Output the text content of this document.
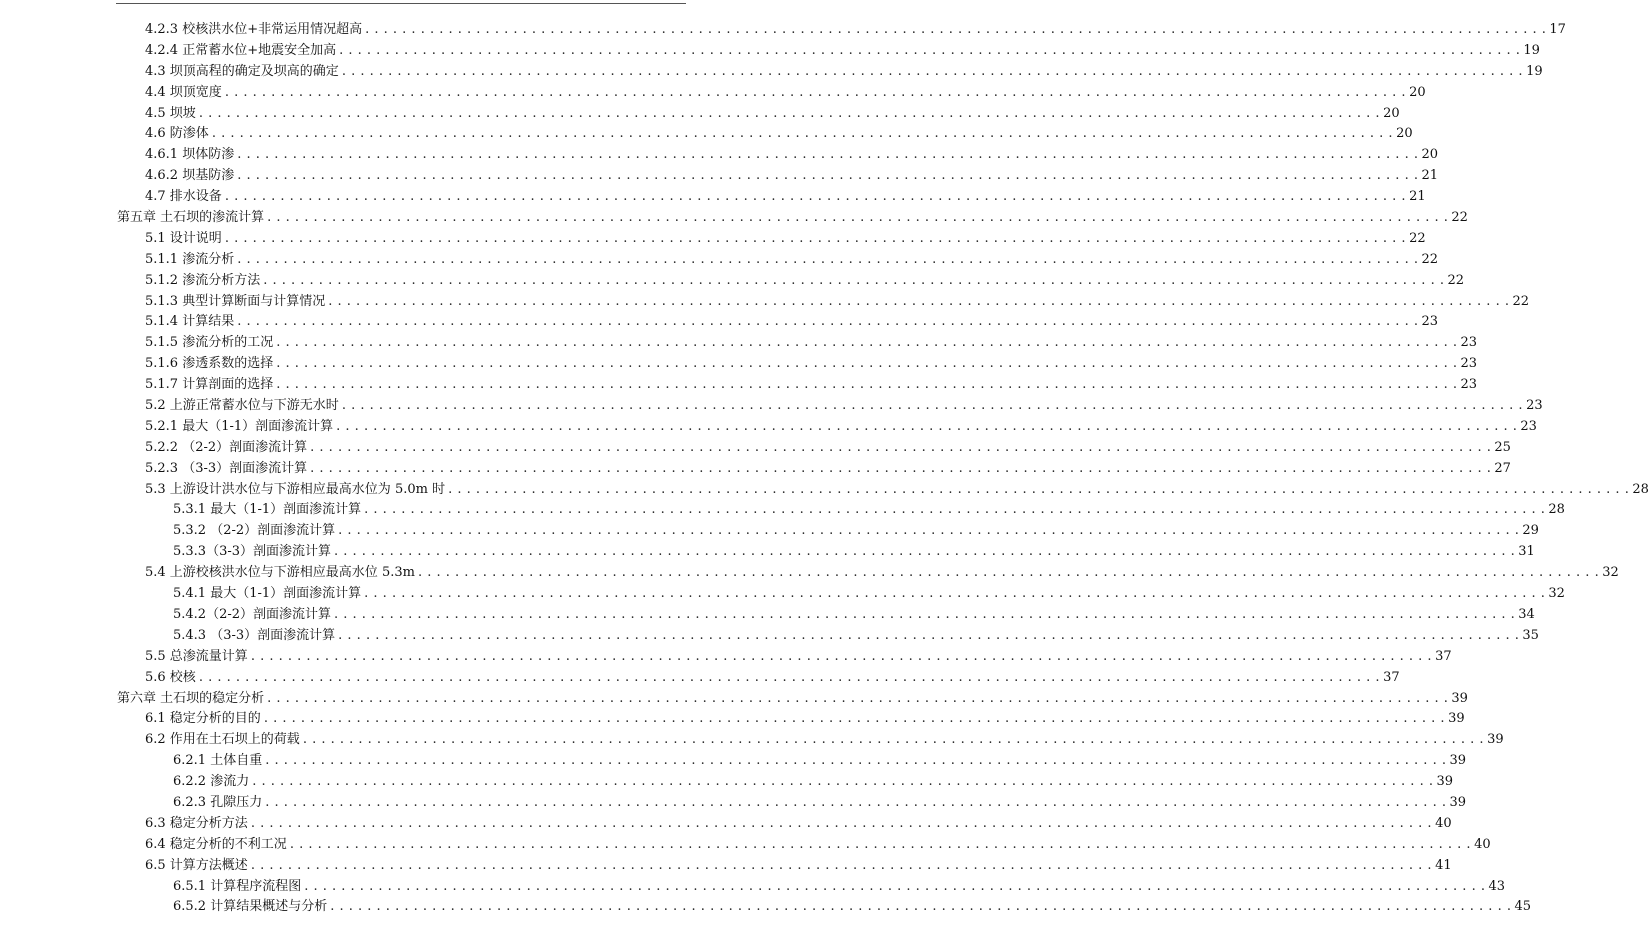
4.2.3 校核洪水位+非常运用情况超高 . . .	17
4.2.4 正常蓄水位+地震安全加高 . . .	19
4.3 坝顶高程的确定及坝高的确定 . . .	19
4.4 坝顶宽度 . . .	20
4.5 坝坡 . . .	20
4.6 防渗体 . . .	20
4.6.1 坝体防渗 . . .	20
4.6.2 坝基防渗 . . .	21
4.7 排水设备 . . .	21
第五章 土石坝的渗流计算 . . .	22
5.1 设计说明 . . .	22
5.1.1 渗流分析 . . .	22
5.1.2 渗流分析方法 . . .	22
5.1.3 典型计算断面与计算情况 . . .	22
5.1.4 计算结果 . . .	23
5.1.5 渗流分析的工况 . . .	23
5.1.6 渗透系数的选择 . . .	23
5.1.7 计算剖面的选择 . . .	23
5.2 上游正常蓄水位与下游无水时 . . .	23
5.2.1 最大（1-1）剖面渗流计算 . . .	23
5.2.2 （2-2）剖面渗流计算 . . .	25
5.2.3 （3-3）剖面渗流计算 . . .	27
5.3 上游设计洪水位与下游相应最高水位为 5.0m 时 . . .	28
5.3.1 最大（1-1）剖面渗流计算 . . .	28
5.3.2 （2-2）剖面渗流计算 . . .	29
5.3.3（3-3）剖面渗流计算 . . .	31
5.4 上游校核洪水位与下游相应最高水位 5.3m . . .	32
5.4.1 最大（1-1）剖面渗流计算 . . .	32
5.4.2（2-2）剖面渗流计算 . . .	34
5.4.3 （3-3）剖面渗流计算 . . .	35
5.5 总渗流量计算 . . .	37
5.6 校核 . . .	37
第六章 土石坝的稳定分析 . . .	39
6.1 稳定分析的目的 . . .	39
6.2 作用在土石坝上的荷载 . . .	39
6.2.1 土体自重 . . .	39
6.2.2 渗流力 . . .	39
6.2.3 孔隙压力 . . .	39
6.3 稳定分析方法 . . .	40
6.4 稳定分析的不利工况 . . .	40
6.5 计算方法概述 . . .	41
6.5.1 计算程序流程图 . . .	43
6.5.2 计算结果概述与分析 . . .	45
